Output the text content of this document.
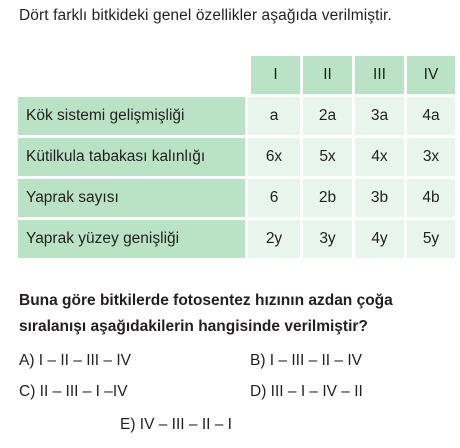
Dört farklı bitkideki genel özellikler aşağıda verilmiştir.
	I	II	III	IV
Kök sistemi gelişmişliği	a	2a	3a	4a
Kütilkula tabakası kalınlığı	6x	5x	4x	3x
Yaprak sayısı	6	2b	3b	4b
Yaprak yüzey genişliği	2y	3y	4y	5y
Buna göre bitkilerde fotosentez hızının azdan çoğa
sıralanışı aşağıdakilerin hangisinde verilmiştir?
A) I – II – III – IV	B) I – III – II – IV
C) II – III – I –IV	D) III – I – IV – II
E) IV – III – II – I
